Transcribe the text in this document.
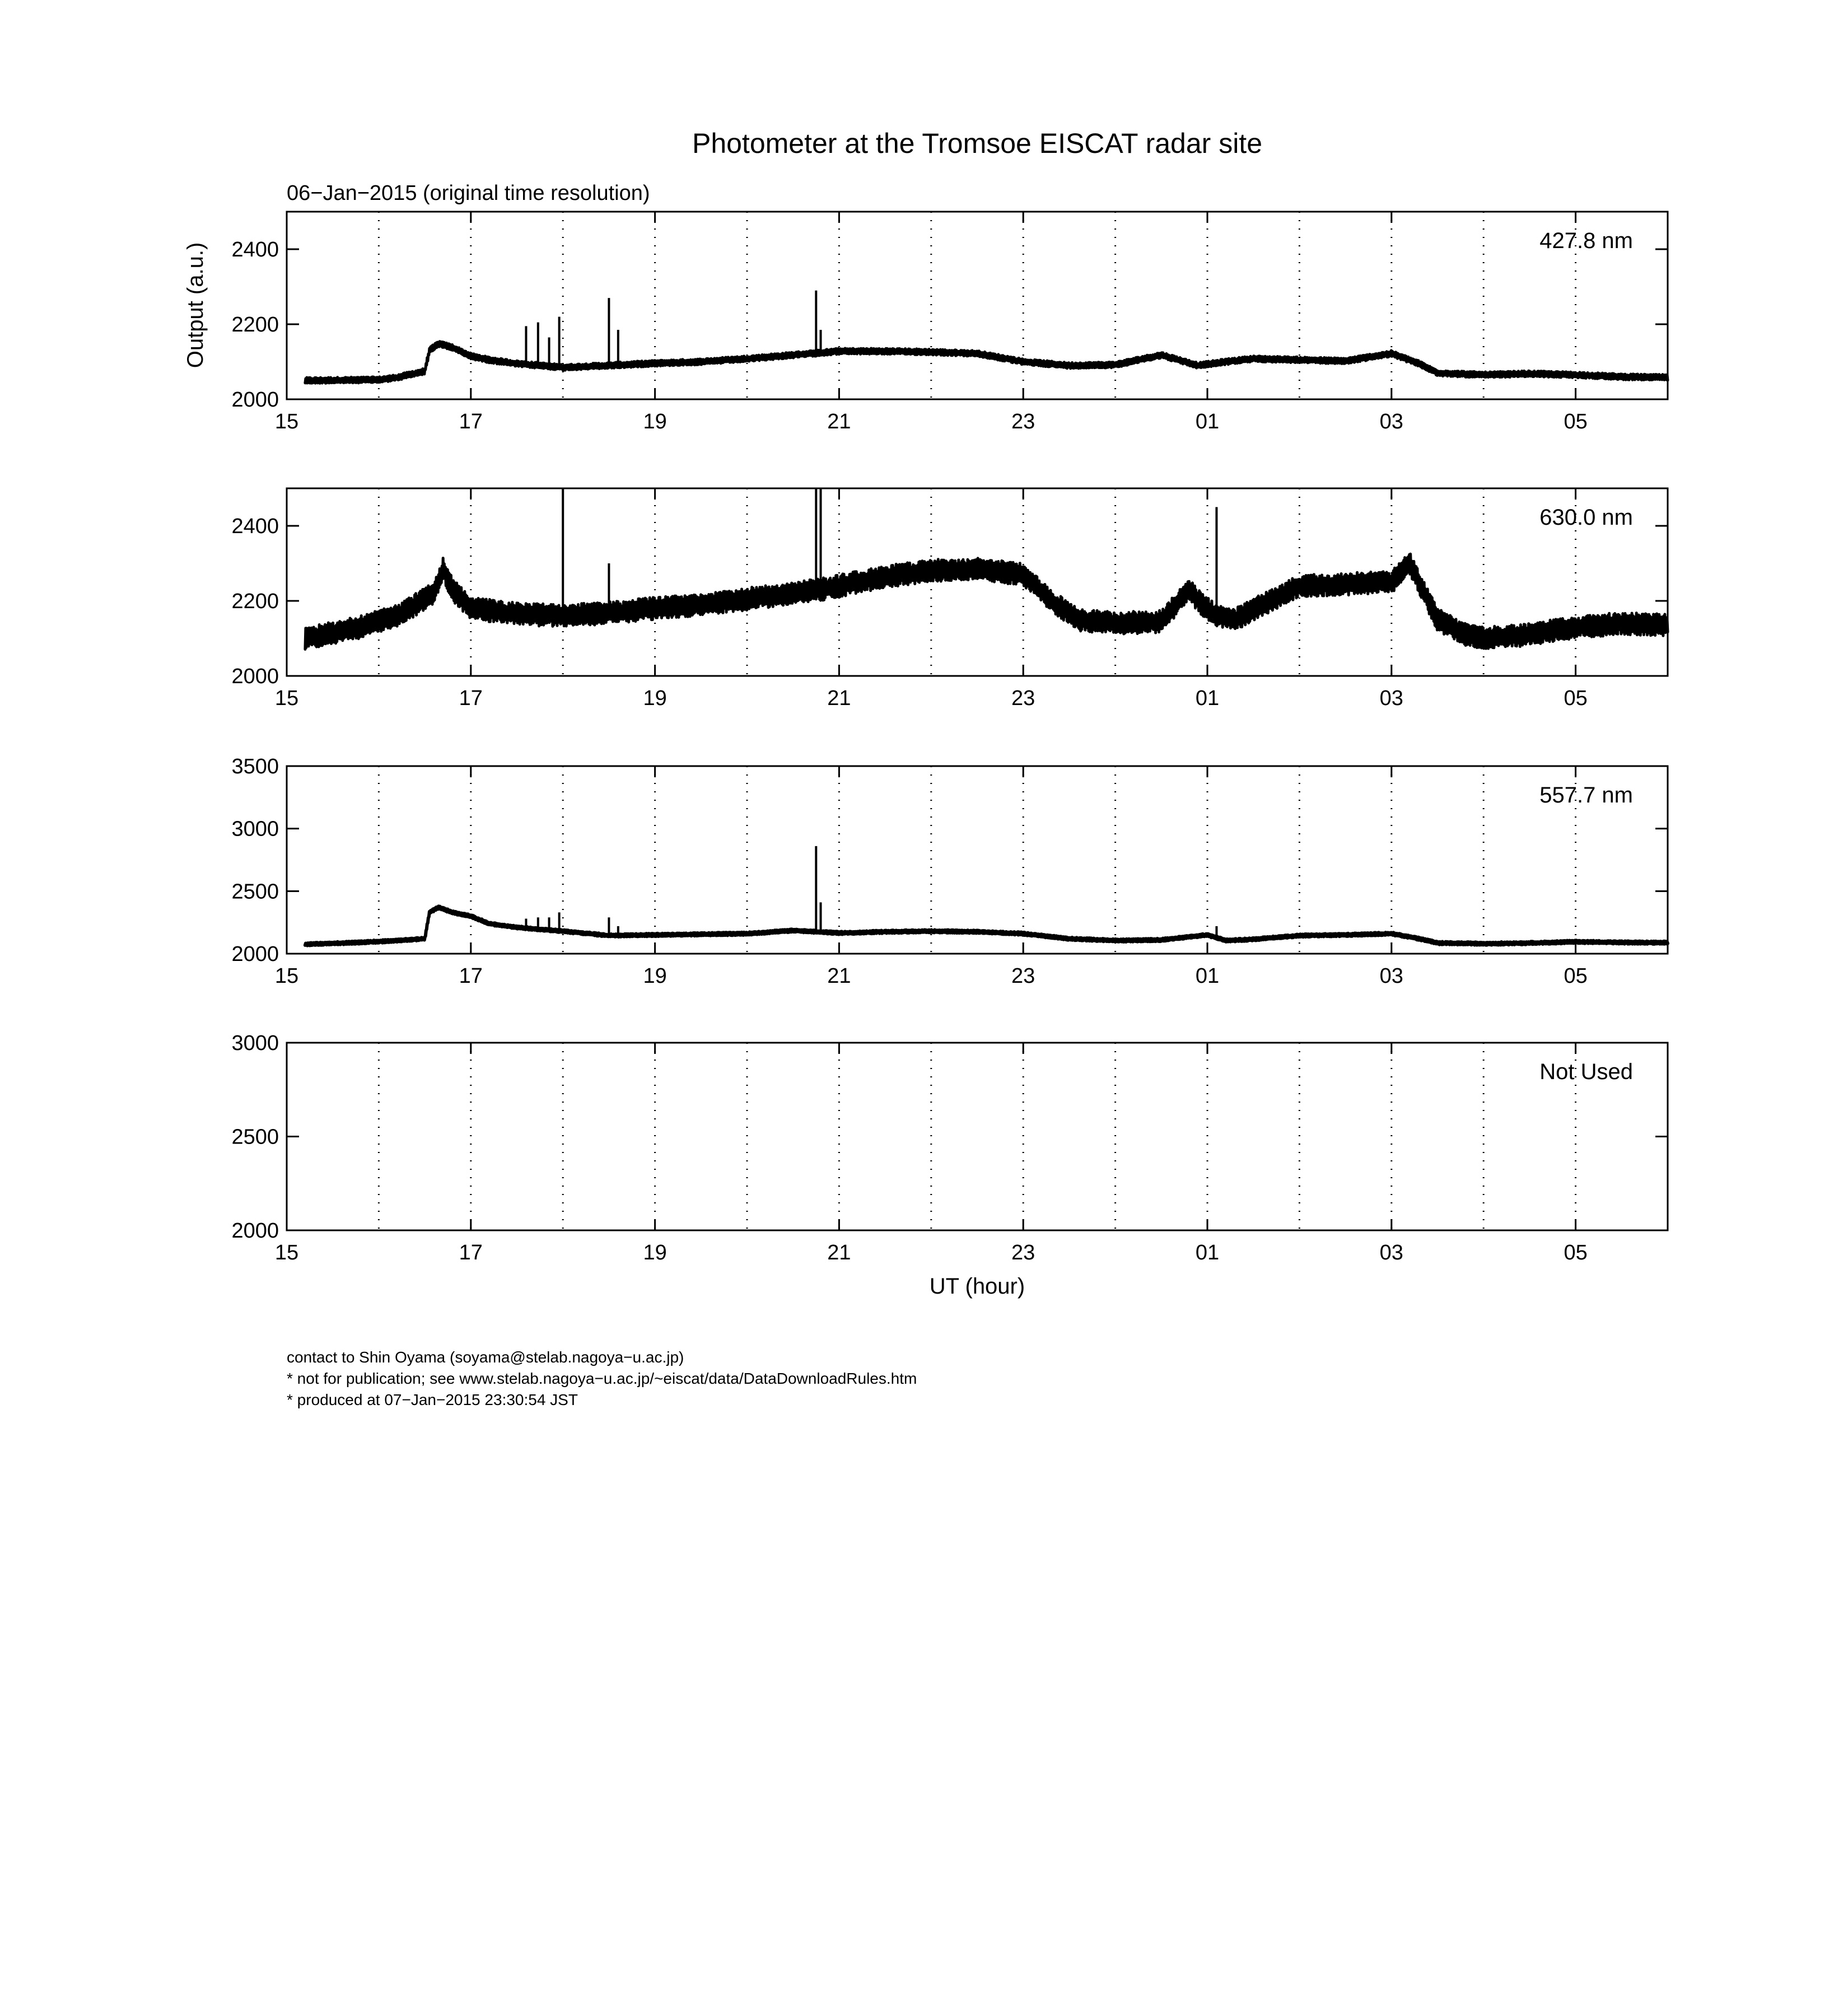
Photometer at the Tromsoe EISCAT radar site
06−Jan−2015 (original time resolution)
Output (a.u.)
2000
2200
2400
15	17	19	21	23	01	03	05
427.8 nm
2000
2200
2400
15	17	19	21	23	01	03	05
630.0 nm
2000
2500
3000
3500
15	17	19	21	23	01	03	05
557.7 nm
2000
2500
3000
15	17	19	21	23	01	03	05
Not Used
UT (hour)
contact to Shin Oyama (soyama@stelab.nagoya−u.ac.jp)
* not for publication; see www.stelab.nagoya−u.ac.jp/~eiscat/data/DataDownloadRules.htm
* produced at 07−Jan−2015 23:30:54 JST
